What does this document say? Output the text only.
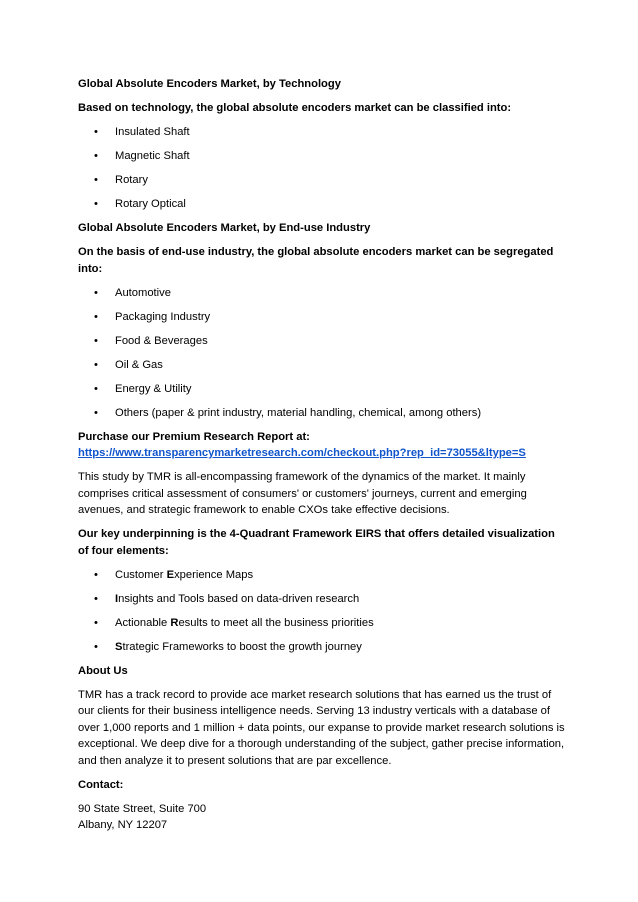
Global Absolute Encoders Market, by Technology

Based on technology, the global absolute encoders market can be classified into:

• Insulated Shaft
• Magnetic Shaft
• Rotary
• Rotary Optical

Global Absolute Encoders Market, by End-use Industry

On the basis of end-use industry, the global absolute encoders market can be segregated into:

• Automotive
• Packaging Industry
• Food & Beverages
• Oil & Gas
• Energy & Utility
• Others (paper & print industry, material handling, chemical, among others)

Purchase our Premium Research Report at:
https://www.transparencymarketresearch.com/checkout.php?rep_id=73055&ltype=S

This study by TMR is all-encompassing framework of the dynamics of the market. It mainly comprises critical assessment of consumers' or customers' journeys, current and emerging avenues, and strategic framework to enable CXOs take effective decisions.

Our key underpinning is the 4-Quadrant Framework EIRS that offers detailed visualization of four elements:

• Customer Experience Maps
• Insights and Tools based on data-driven research
• Actionable Results to meet all the business priorities
• Strategic Frameworks to boost the growth journey

About Us

TMR has a track record to provide ace market research solutions that has earned us the trust of our clients for their business intelligence needs. Serving 13 industry verticals with a database of over 1,000 reports and 1 million + data points, our expanse to provide market research solutions is exceptional. We deep dive for a thorough understanding of the subject, gather precise information, and then analyze it to present solutions that are par excellence.

Contact:

90 State Street, Suite 700
Albany, NY 12207
